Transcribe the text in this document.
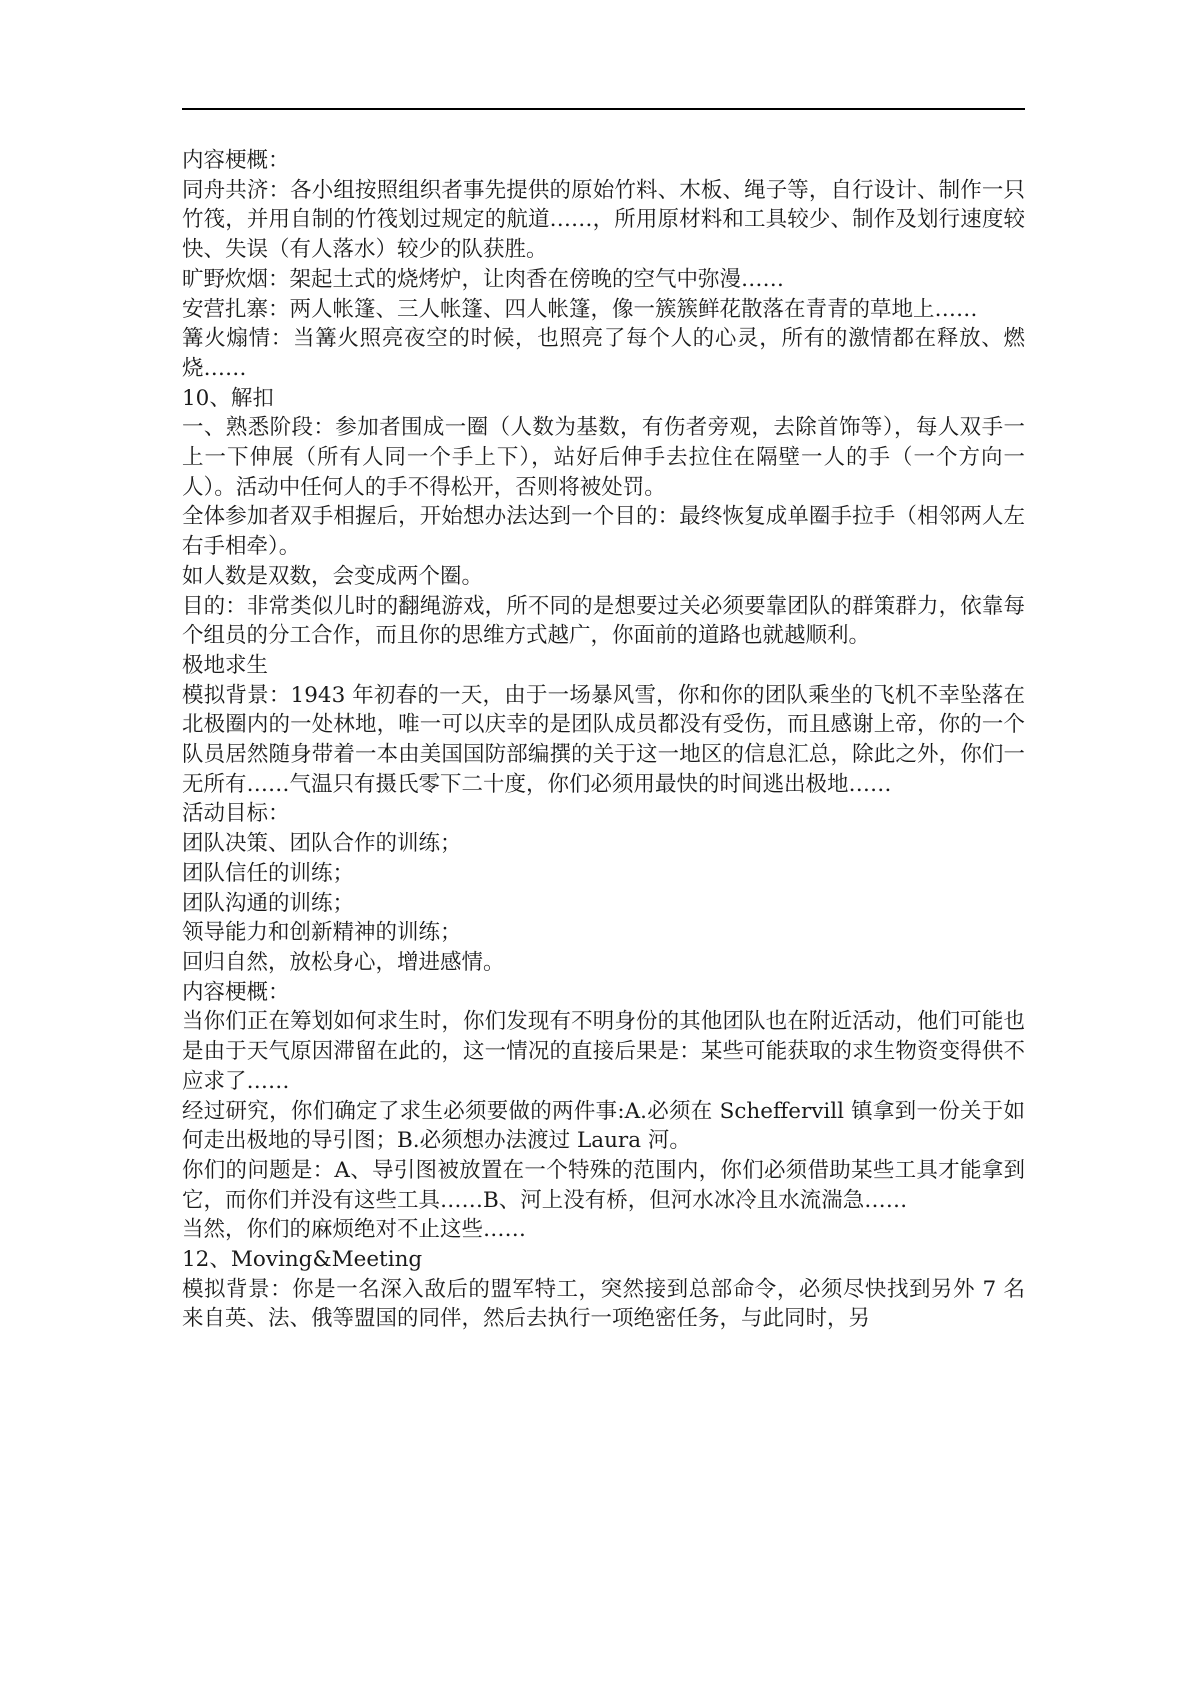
内容梗概：

同舟共济：各小组按照组织者事先提供的原始竹料、木板、绳子等，自行设计、制作一只竹筏，并用自制的竹筏划过规定的航道……，所用原材料和工具较少、制作及划行速度较快、失误（有人落水）较少的队获胜。

旷野炊烟：架起土式的烧烤炉，让肉香在傍晚的空气中弥漫……

安营扎寨：两人帐篷、三人帐篷、四人帐篷，像一簇簇鲜花散落在青青的草地上……

篝火煽情：当篝火照亮夜空的时候，也照亮了每个人的心灵，所有的激情都在释放、燃烧……

10、解扣

一、熟悉阶段：参加者围成一圈（人数为基数，有伤者旁观，去除首饰等），每人双手一上一下伸展（所有人同一个手上下），站好后伸手去拉住在隔壁一人的手（一个方向一人）。活动中任何人的手不得松开，否则将被处罚。

全体参加者双手相握后，开始想办法达到一个目的：最终恢复成单圈手拉手（相邻两人左右手相牵）。

如人数是双数，会变成两个圈。

目的：非常类似儿时的翻绳游戏，所不同的是想要过关必须要靠团队的群策群力，依靠每个组员的分工合作，而且你的思维方式越广，你面前的道路也就越顺利。

极地求生

模拟背景：1943 年初春的一天，由于一场暴风雪，你和你的团队乘坐的飞机不幸坠落在北极圈内的一处林地，唯一可以庆幸的是团队成员都没有受伤，而且感谢上帝，你的一个队员居然随身带着一本由美国国防部编撰的关于这一地区的信息汇总，除此之外，你们一无所有……气温只有摄氏零下二十度，你们必须用最快的时间逃出极地……

活动目标：

团队决策、团队合作的训练；

团队信任的训练；

团队沟通的训练；

领导能力和创新精神的训练；

回归自然，放松身心，增进感情。

内容梗概：

当你们正在筹划如何求生时，你们发现有不明身份的其他团队也在附近活动，他们可能也是由于天气原因滞留在此的，这一情况的直接后果是：某些可能获取的求生物资变得供不应求了……

经过研究，你们确定了求生必须要做的两件事:A.必须在 Scheffervill 镇拿到一份关于如何走出极地的导引图；B.必须想办法渡过 Laura 河。

你们的问题是：A、导引图被放置在一个特殊的范围内，你们必须借助某些工具才能拿到它，而你们并没有这些工具……B、河上没有桥，但河水冰冷且水流湍急……

当然，你们的麻烦绝对不止这些……

12、Moving&Meeting

模拟背景：你是一名深入敌后的盟军特工，突然接到总部命令，必须尽快找到另外 7 名来自英、法、俄等盟国的同伴，然后去执行一项绝密任务，与此同时，另
